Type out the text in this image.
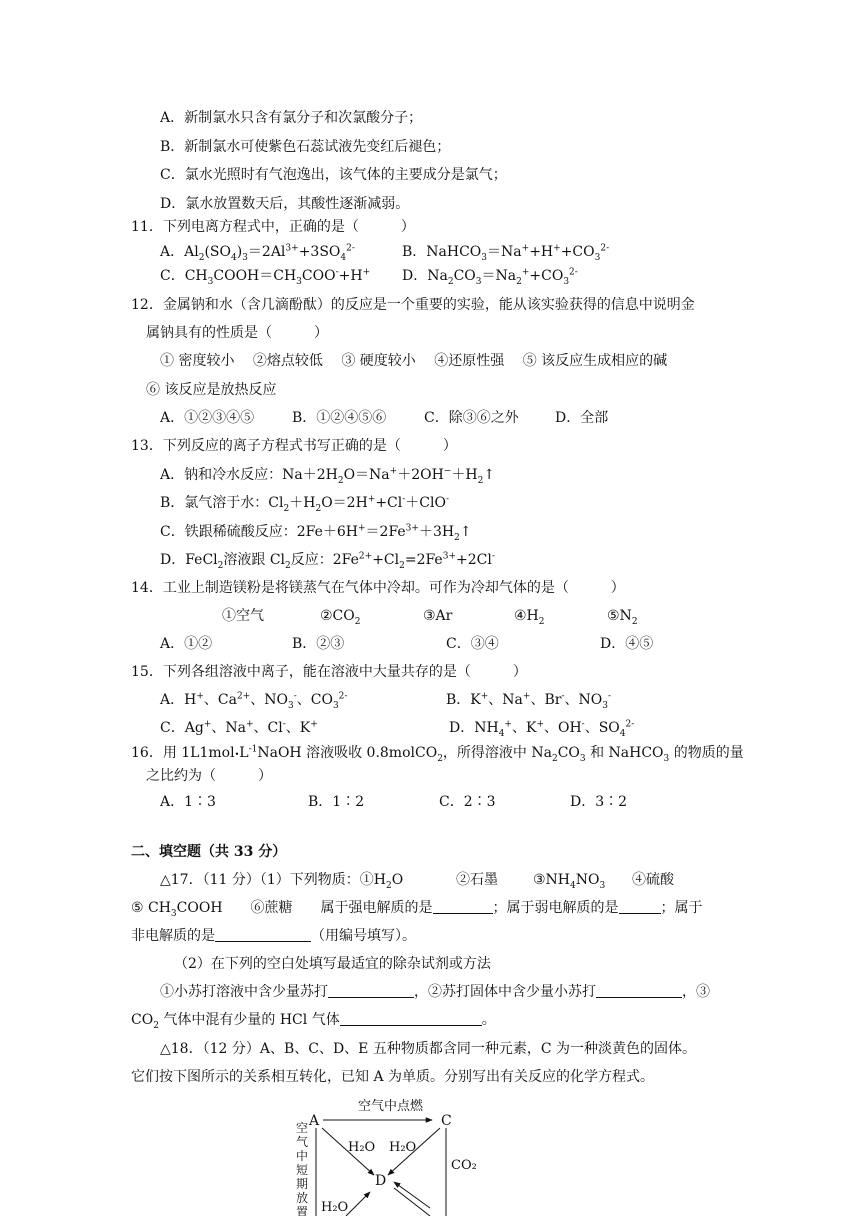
A．新制氯水只含有氯分子和次氯酸分子；
B．新制氯水可使紫色石蕊试液先变红后褪色；
C．氯水光照时有气泡逸出，该气体的主要成分是氯气；
D．氯水放置数天后，其酸性逐渐减弱。
11．下列电离方程式中，正确的是（　　　）
A．$Al_2(SO_4)_3=2Al^{3+}+3SO_4^{2-}$	B．$NaHCO_3=Na^++H^++CO_3^{2-}$
C．$CH_3COOH=CH_3COO^-+H^+$ D．$Na_2CO_3=Na_2^++CO_3^{2-}$
12．金属钠和水（含几滴酚酞）的反应是一个重要的实验，能从该实验获得的信息中说明金
属钠具有的性质是（　　　）
① 密度较小　 ②熔点较低　 ③ 硬度较小　 ④还原性强　 ⑤ 该反应生成相应的碱
⑥ 该反应是放热反应
A．①②③④⑤	B．①②④⑤⑥	C．除③⑥之外	D．全部
13．下列反应的离子方程式书写正确的是（　　　）
A．钠和冷水反应：$Na+2H_2O=Na^++2OH^-+H_2↑$
B．氯气溶于水：$Cl_2+H_2O=2H^++Cl^-+ClO^-$
C．铁跟稀硫酸反应：$2Fe+6H^+=2Fe^{3+}+3H_2↑$
D．FeCl$_2$溶液跟 $Cl_2$反应：$2Fe^{2+}+Cl_2=2Fe^{3+}+2Cl^-$
14．工业上制造镁粉是将镁蒸气在气体中冷却。可作为冷却气体的是（　　　）
①空气	$②CO_2$	③Ar	$④H_2$	$⑤N_2$
A．①②	B．②③	C．③④	D．④⑤
15．下列各组溶液中离子，能在溶液中大量共存的是（　　　）
A．H+、$Ca^{2+}$、$NO_3^-$、$CO_3^{2-}$	B．K+、Na+、Br-、$NO_3^-$
C．Ag+、Na+、Cl-、K+	D．$NH_4^+$、K+、OH-、$SO_4^{2-}$
16．用 $1L1mol•L^{-1}NaOH$ 溶液吸收 0.8molCO$_2$，所得溶液中 $Na_2CO_3$ 和 NaHCO$_3$ 的物质的量
之比约为（　　　）
A．1∶3	B．1∶2	C．2∶3	D．3∶2
二、填空题（共 33 分）
△17．（11 分）（1）下列物质：$①H_2O$	②石墨	$③NH_4NO_3$ ④硫酸
⑤ $CH_3COOH$　　⑥蔗糖　　 属于强电解质的是	；属于弱电解质的是	；属于
非电解质的是	（用编号填写）。
（2）在下列的空白处填写最适宜的除杂试剂或方法
①小苏打溶液中含少量苏打	，②苏打固体中含少量小苏打	，③
$CO_2$ 气体中混有少量的 HCl 气体	。
△18．（12 分）A、B、C、D、E 五种物质都含同一种元素，C 为一种淡黄色的固体。
它们按下图所示的关系相互转化，已知 A 为单质。分别写出有关反应的化学方程式。
空气中点燃
A	C
空
气
中
短
期
放
置
H₂O H₂O
CO₂
D
H₂O
